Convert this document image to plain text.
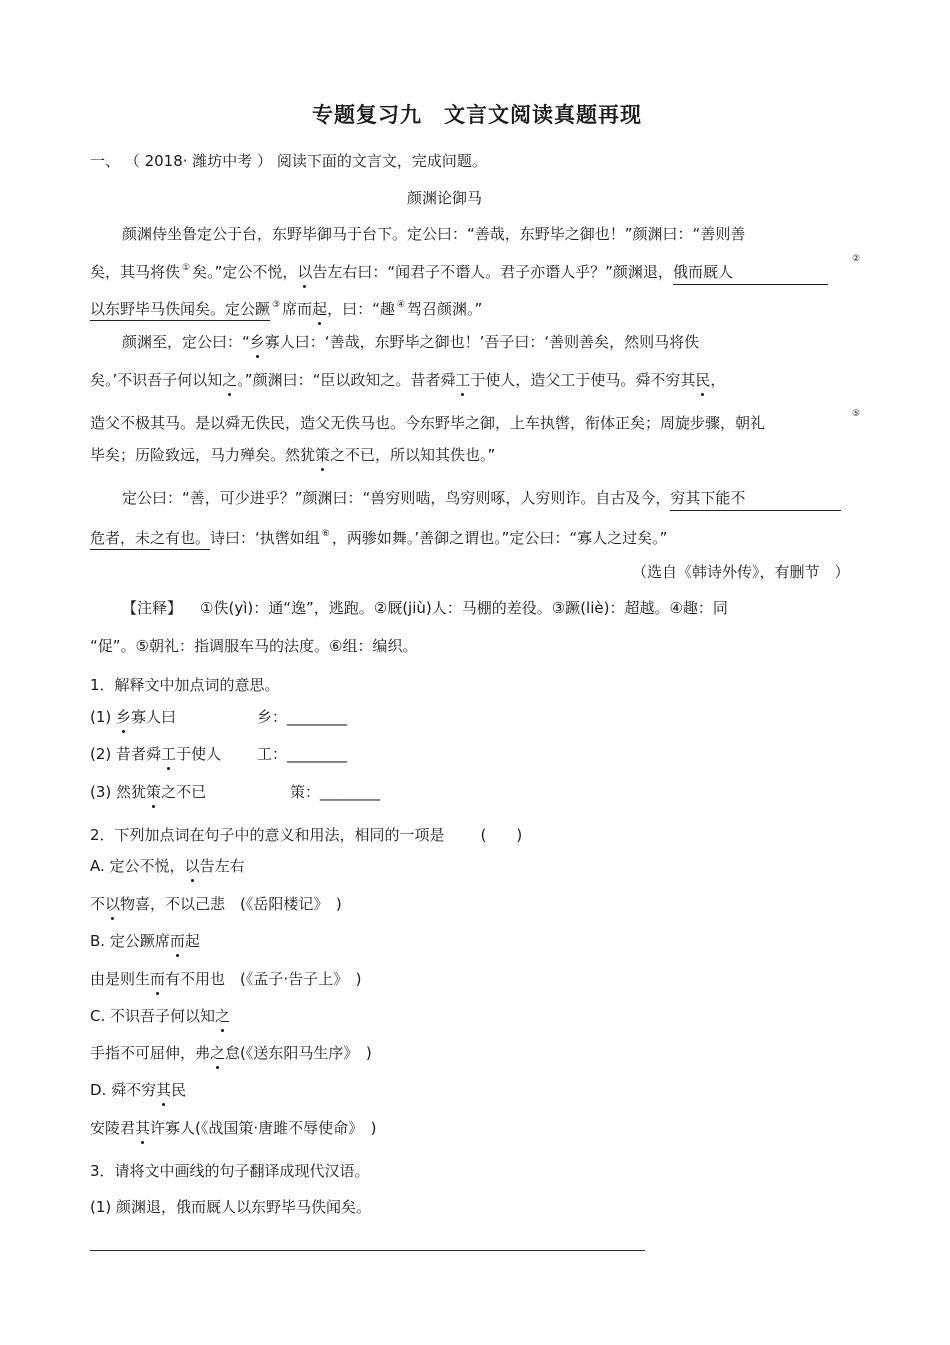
专题复习九　文言文阅读真题再现
一、 （ 2018· 潍坊中考 ） 阅读下面的文言文，完成问题。
颜渊论御马
颜渊侍坐鲁定公于台，东野毕御马于台下。定公曰：“善哉，东野毕之御也！”颜渊曰：“善则善
矣，其马将佚 ① 矣。”定公不悦，以告左右曰：“闻君子不谮人。君子亦谮人乎？”颜渊退，俄而厩人
②
以东野毕马佚闻矣。定公蹶 ③ 席而起，曰：“趣 ④ 驾召颜渊。”
颜渊至，定公曰：“乡寡人曰：‘善哉，东野毕之御也！’吾子曰：‘善则善矣，然则马将佚
矣。’不识吾子何以知之。”颜渊曰：“臣以政知之。昔者舜工于使人，造父工于使马。舜不穷其民，
造父不极其马。是以舜无佚民，造父无佚马也。今东野毕之御，上车执辔，衔体正矣；周旋步骤，朝礼	⑤
毕矣；历险致远，马力殚矣。然犹策之不已，所以知其佚也。”
定公曰：“善，可少进乎？”颜渊曰：“兽穷则啮，鸟穷则啄，人穷则诈。自古及今，穷其下能不
危者，未之有也。诗曰：‘执辔如组 ⑥ ，两骖如舞。’善御之谓也。”定公曰：“寡人之过矣。”
（选自《韩诗外传》，有删节　）
【注释】 ①佚(yì)：通“逸”，逃跑。②厩(jiù)人：马棚的差役。③蹶(liè)：超越。④趣：同
“促”。⑤朝礼：指调服车马的法度。⑥组：编织。
1．解释文中加点词的意思。
(1) 乡寡人曰	乡：________
(2) 昔者舜工于使人 工：________
(3) 然犹策之不已	策：________
2．下列加点词在句子中的意义和用法，相同的一项是 (　　)
A. 定公不悦，以告左右
不以物喜，不以己悲　(《岳阳楼记》　)
B. 定公蹶席而起
由是则生而有不用也　(《孟子·告子上》　)
C. 不识吾子何以知之
手指不可屈伸，弗之怠(《送东阳马生序》　)
D. 舜不穷其民
安陵君其许寡人(《战国策·唐雎不辱使命》　)
3．请将文中画线的句子翻译成现代汉语。
(1) 颜渊退，俄而厩人以东野毕马佚闻矣。
